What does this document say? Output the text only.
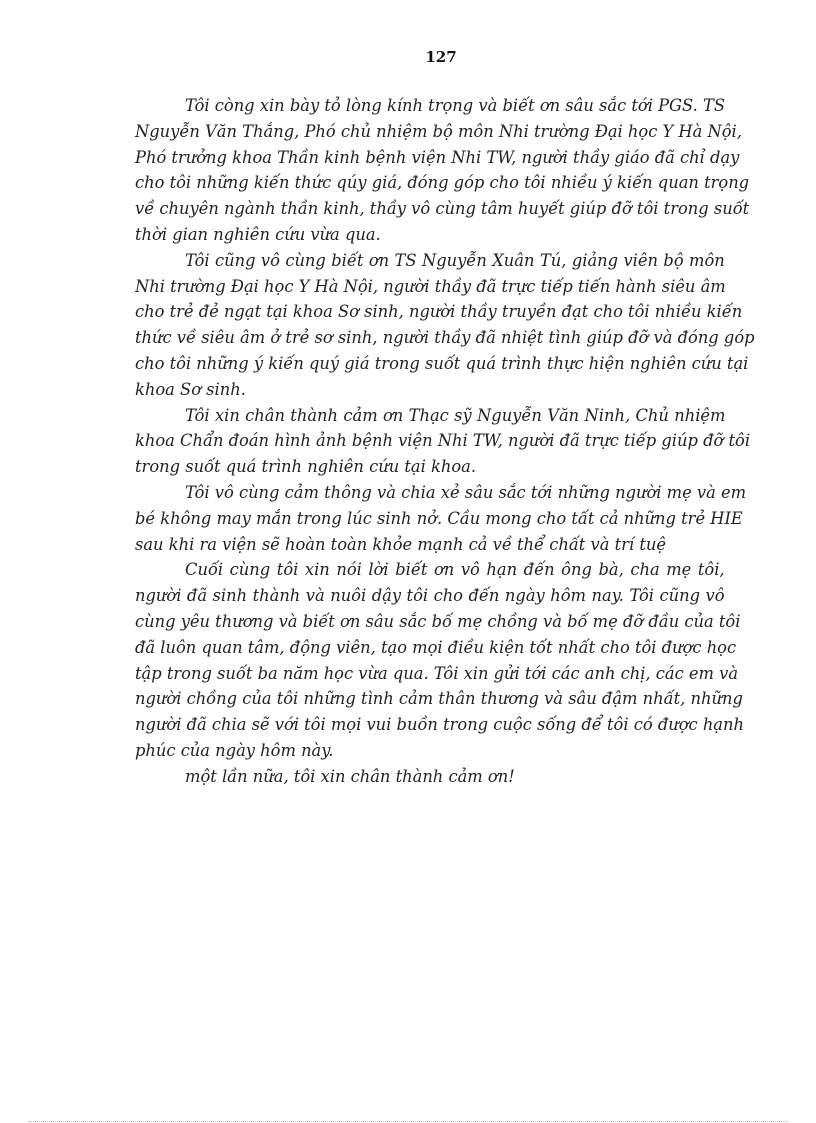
127
Tôi còng xin bày tỏ lòng kính trọng và biết ơn sâu sắc tới PGS. TS
Nguyễn Văn Thắng, Phó chủ nhiệm bộ môn Nhi trường Đại học Y Hà Nội,
Phó trưởng khoa Thần kinh bệnh viện Nhi TW, người thầy giáo đã chỉ dạy
cho tôi những kiến thức qúy giá, đóng góp cho tôi nhiều ý kiến quan trọng
về chuyên ngành thần kinh, thầy vô cùng tâm huyết giúp đỡ tôi trong suốt
thời gian nghiên cứu vừa qua.
Tôi cũng vô cùng biết ơn TS Nguyễn Xuân Tú, giảng viên bộ môn
Nhi trường Đại học Y Hà Nội, người thầy đã trực tiếp tiến hành siêu âm
cho trẻ đẻ ngạt tại khoa Sơ sinh, người thầy truyền đạt cho tôi nhiều kiến
thức về siêu âm ở trẻ sơ sinh, người thầy đã nhiệt tình giúp đỡ và đóng góp
cho tôi những ý kiến quý giá trong suốt quá trình thực hiện nghiên cứu tại
khoa Sơ sinh.
Tôi xin chân thành cảm ơn Thạc sỹ Nguyễn Văn Ninh, Chủ nhiệm
khoa Chẩn đoán hình ảnh bệnh viện Nhi TW, người đã trực tiếp giúp đỡ tôi
trong suốt quá trình nghiên cứu tại khoa.
Tôi vô cùng cảm thông và chia xẻ sâu sắc tới những người mẹ và em
bé không may mắn trong lúc sinh nở. Cầu mong cho tất cả những trẻ HIE
sau khi ra viện sẽ hoàn toàn khỏe mạnh cả về thể chất và trí tuệ
Cuối cùng tôi xin nói lời biết ơn vô hạn đến ông bà, cha mẹ tôi,
người đã sinh thành và nuôi dậy tôi cho đến ngày hôm nay. Tôi cũng vô
cùng yêu thương và biết ơn sâu sắc bố mẹ chồng và bố mẹ đỡ đầu của tôi
đã luôn quan tâm, động viên, tạo mọi điều kiện tốt nhất cho tôi được học
tập trong suốt ba năm học vừa qua. Tôi xin gửi tới các anh chị, các em và
người chồng của tôi những tình cảm thân thương và sâu đậm nhất, những
người đã chia sẽ với tôi mọi vui buồn trong cuộc sống để tôi có được hạnh
phúc của ngày hôm này.
một lần nữa, tôi xin chân thành cảm ơn!
